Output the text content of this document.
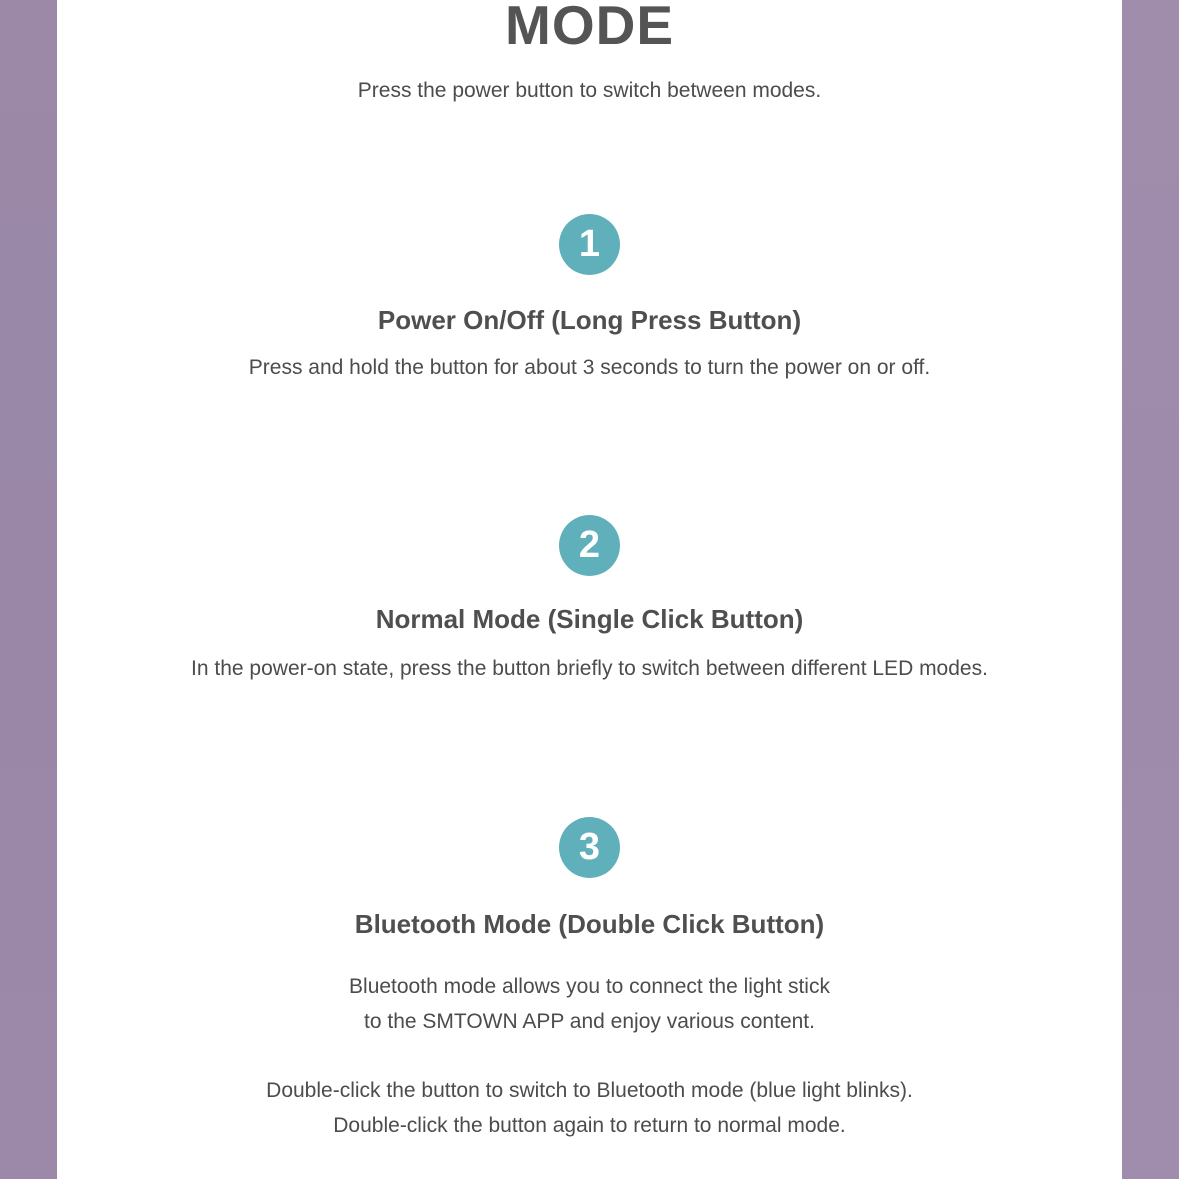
MODE
Press the power button to switch between modes.
1
Power On/Off (Long Press Button)
Press and hold the button for about 3 seconds to turn the power on or off.
2
Normal Mode (Single Click Button)
In the power-on state, press the button briefly to switch between different LED modes.
3
Bluetooth Mode (Double Click Button)
Bluetooth mode allows you to connect the light stick
to the SMTOWN APP and enjoy various content.
Double-click the button to switch to Bluetooth mode (blue light blinks).
Double-click the button again to return to normal mode.
